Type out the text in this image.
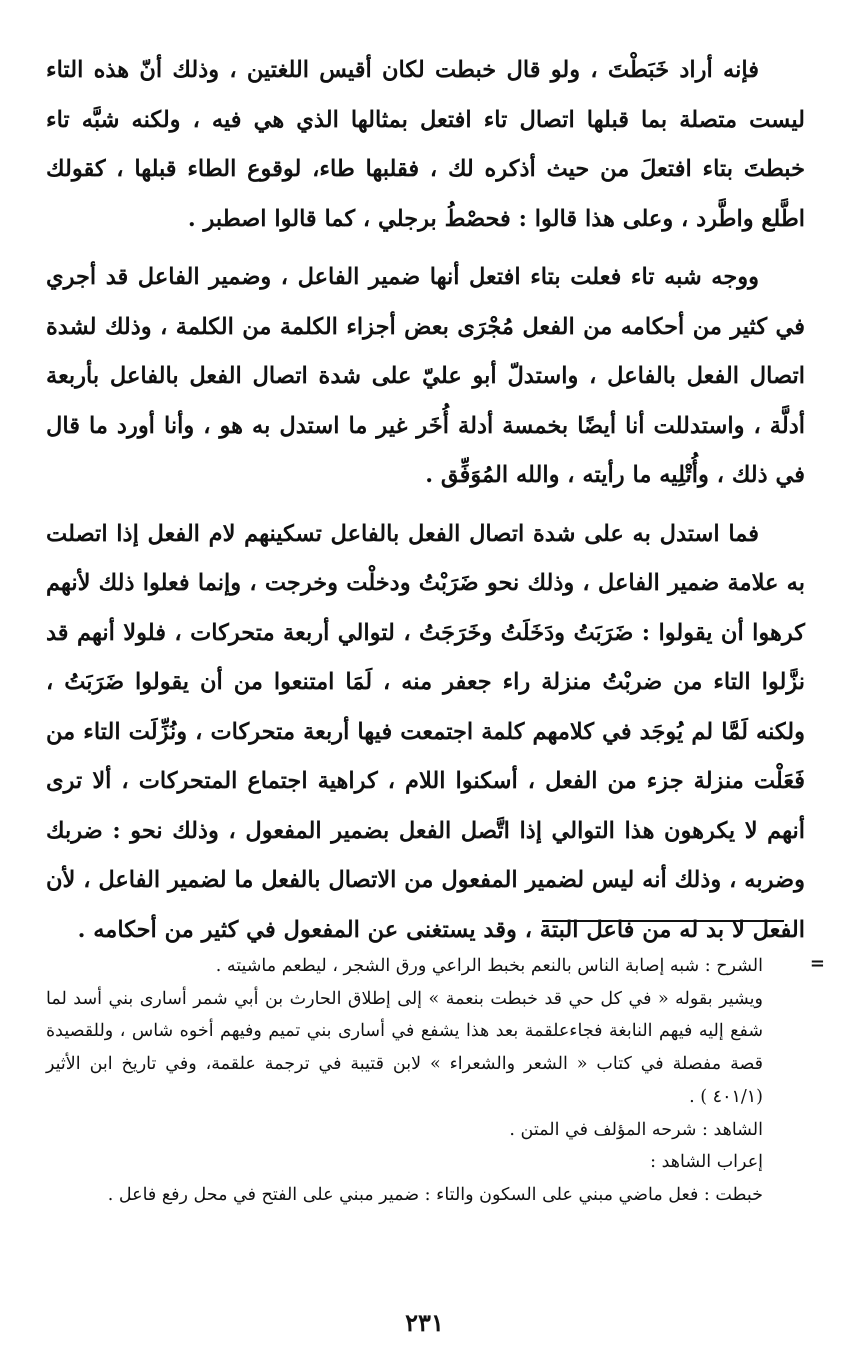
فإنه أراد خَبَطْتَ ، ولو قال خبطت لكان أقيس اللغتين ، وذلك أنّ هذه التاء ليست متصلة بما قبلها اتصال تاء افتعل بمثالها الذي هي فيه ، ولكنه شبَّه تاء خبطتَ بتاء افتعلَ من حيث أذكره لك ، فقلبها طاء، لوقوع الطاء قبلها ، كقولك اطَّلع واطَّرد ، وعلى هذا قالوا : فحصْطُ برجلي ، كما قالوا اصطبر .

ووجه شبه تاء فعلت بتاء افتعل أنها ضمير الفاعل ، وضمير الفاعل قد أجري في كثير من أحكامه من الفعل مُجْرَى بعض أجزاء الكلمة من الكلمة ، وذلك لشدة اتصال الفعل بالفاعل ، واستدلّ أبو عليّ على شدة اتصال الفعل بالفاعل بأربعة أدلَّة ، واستدللت أنا أيضًا بخمسة أدلة أُخَر غير ما استدل به هو ، وأنا أورد ما قال في ذلك ، وأُتْلِيه ما رأيته ، والله المُوَفِّق .

فما استدل به على شدة اتصال الفعل بالفاعل تسكينهم لام الفعل إذا اتصلت به علامة ضمير الفاعل ، وذلك نحو ضَرَبْتُ ودخلْت وخرجت ، وإنما فعلوا ذلك لأنهم كرهوا أن يقولوا : ضَرَبَتُ ودَخَلَتُ وخَرَجَتُ ، لتوالي أربعة متحركات ، فلولا أنهم قد نزَّلوا التاء من ضربْتُ منزلة راء جعفر منه ، لَمَا امتنعوا من أن يقولوا ضَرَبَتُ ، ولكنه لَمَّا لم يُوجَد في كلامهم كلمة اجتمعت فيها أربعة متحركات ، ونُزِّلَت التاء من فَعَلْت منزلة جزء من الفعل ، أسكنوا اللام ، كراهية اجتماع المتحركات ، ألا ترى أنهم لا يكرهون هذا التوالي إذا اتَّصل الفعل بضمير المفعول ، وذلك نحو : ضربك وضربه ، وذلك أنه ليس لضمير المفعول من الاتصال بالفعل ما لضمير الفاعل ، لأن الفعل لا بد له من فاعل البتة ، وقد يستغنى عن المفعول في كثير من أحكامه .

=

الشرح : شبه إصابة الناس بالنعم بخبط الراعي ورق الشجر ، ليطعم ماشيته .

ويشير بقوله « في كل حي قد خبطت بنعمة » إلى إطلاق الحارث بن أبي شمر أسارى بني أسد لما شفع إليه فيهم النابغة فجاءعلقمة بعد هذا يشفع في أسارى بني تميم وفيهم أخوه شاس ، وللقصيدة قصة مفصلة في كتاب « الشعر والشعراء » لابن قتيبة في ترجمة علقمة، وفي تاريخ ابن الأثير (٤٠١/١ ) .

الشاهد : شرحه المؤلف في المتن .

إعراب الشاهد :

خبطت : فعل ماضي مبني على السكون والتاء : ضمير مبني على الفتح في محل رفع فاعل .

٢٣١
